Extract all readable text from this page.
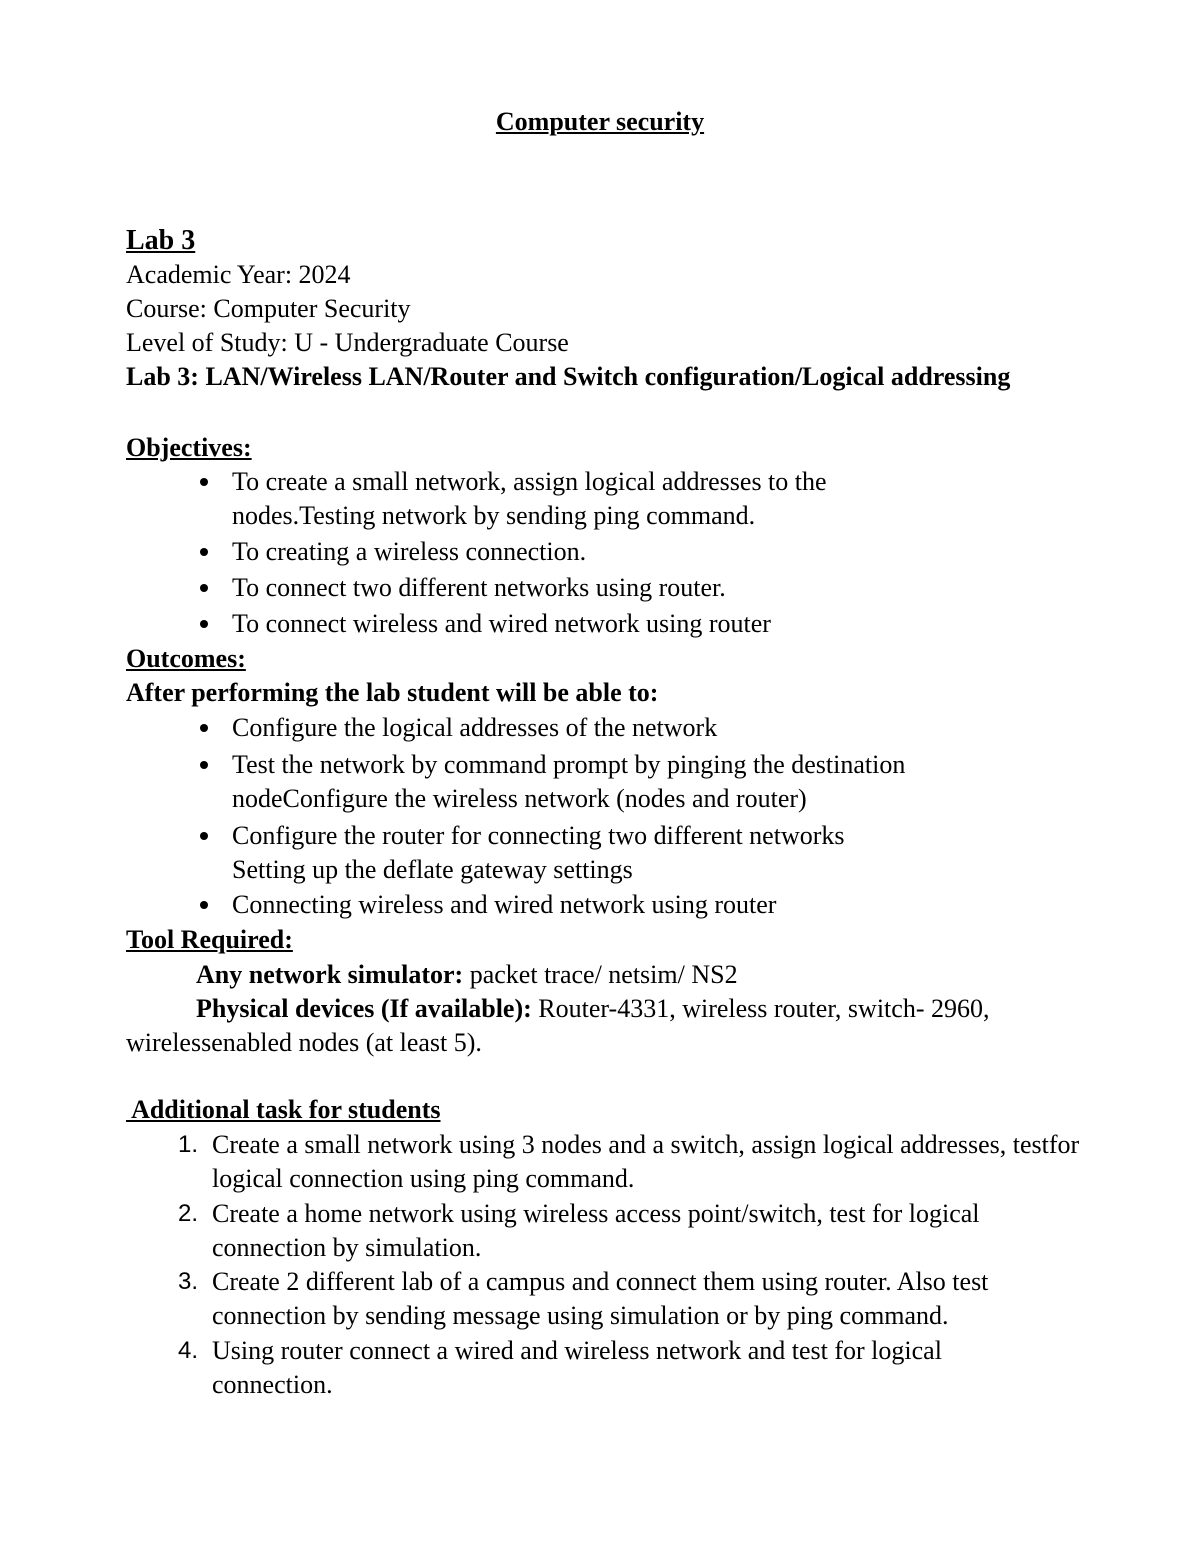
Computer security
Lab 3
Academic Year: 2024
Course: Computer Security
Level of Study: U - Undergraduate Course
Lab 3: LAN/Wireless LAN/Router and Switch configuration/Logical addressing
Objectives:
To create a small network, assign logical addresses to the
nodes.Testing network by sending ping command.
To creating a wireless connection.
To connect two different networks using router.
To connect wireless and wired network using router
Outcomes:
After performing the lab student will be able to:
Configure the logical addresses of the network
Test the network by command prompt by pinging the destination
nodeConfigure the wireless network (nodes and router)
Configure the router for connecting two different networks
Setting up the deflate gateway settings
Connecting wireless and wired network using router
Tool Required:
Any network simulator: packet trace/ netsim/ NS2
Physical devices (If available): Router-4331, wireless router, switch- 2960,
wirelessenabled nodes (at least 5).
Additional task for students
1. Create a small network using 3 nodes and a switch, assign logical addresses, testfor
logical connection using ping command.
2. Create a home network using wireless access point/switch, test for logical
connection by simulation.
3. Create 2 different lab of a campus and connect them using router. Also test
connection by sending message using simulation or by ping command.
4. Using router connect a wired and wireless network and test for logical
connection.
